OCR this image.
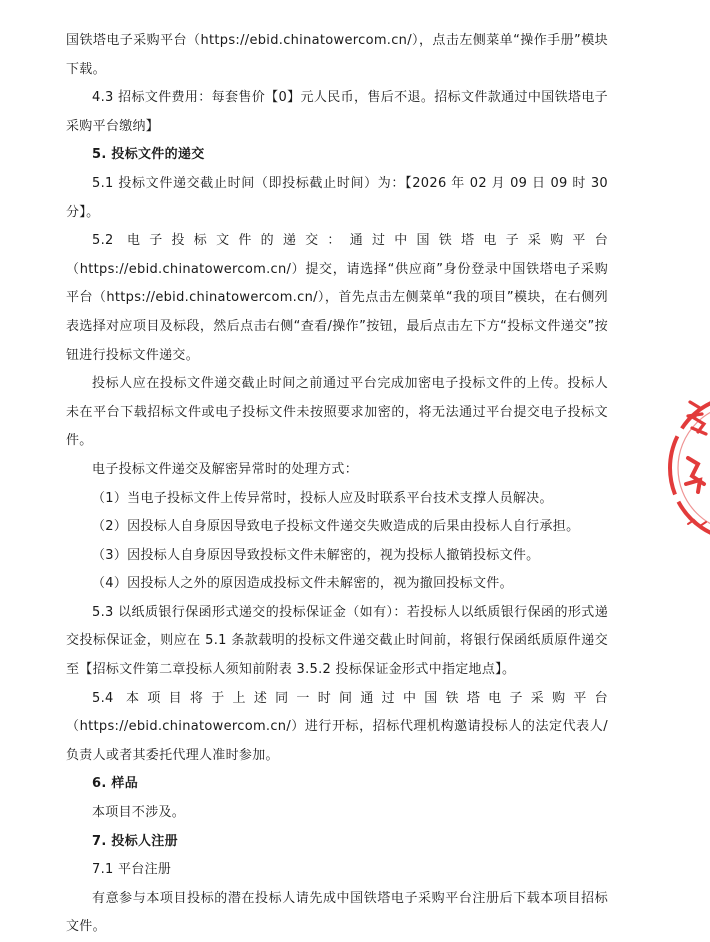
国铁塔电子采购平台（https://ebid.chinatowercom.cn/），点击左侧菜单“操作手册”模块下载。

4.3 招标文件费用：每套售价【0】元人民币，售后不退。招标文件款通过中国铁塔电子采购平台缴纳】

5. 投标文件的递交

5.1 投标文件递交截止时间（即投标截止时间）为：【2026 年 02 月 09 日 09 时 30 分】。

5.2 电子投标文件的递交：通过中国铁塔电子采购平台

（https://ebid.chinatowercom.cn/）提交，请选择“供应商”身份登录中国铁塔电子采购平台（https://ebid.chinatowercom.cn/），首先点击左侧菜单“我的项目”模块，在右侧列表选择对应项目及标段，然后点击右侧“查看/操作”按钮，最后点击左下方“投标文件递交”按钮进行投标文件递交。

投标人应在投标文件递交截止时间之前通过平台完成加密电子投标文件的上传。投标人未在平台下载招标文件或电子投标文件未按照要求加密的，将无法通过平台提交电子投标文件。

电子投标文件递交及解密异常时的处理方式：

（1）当电子投标文件上传异常时，投标人应及时联系平台技术支撑人员解决。

（2）因投标人自身原因导致电子投标文件递交失败造成的后果由投标人自行承担。

（3）因投标人自身原因导致投标文件未解密的，视为投标人撤销投标文件。

（4）因投标人之外的原因造成投标文件未解密的，视为撤回投标文件。

5.3 以纸质银行保函形式递交的投标保证金（如有）：若投标人以纸质银行保函的形式递交投标保证金，则应在 5.1 条款载明的投标文件递交截止时间前，将银行保函纸质原件递交至【招标文件第二章投标人须知前附表 3.5.2 投标保证金形式中指定地点】。

5.4 本项目将于上述同一时间通过中国铁塔电子采购平台

（https://ebid.chinatowercom.cn/）进行开标，招标代理机构邀请投标人的法定代表人/负责人或者其委托代理人准时参加。

6. 样品

本项目不涉及。

7. 投标人注册

7.1 平台注册

有意参与本项目投标的潜在投标人请先成中国铁塔电子采购平台注册后下载本项目招标文件。
